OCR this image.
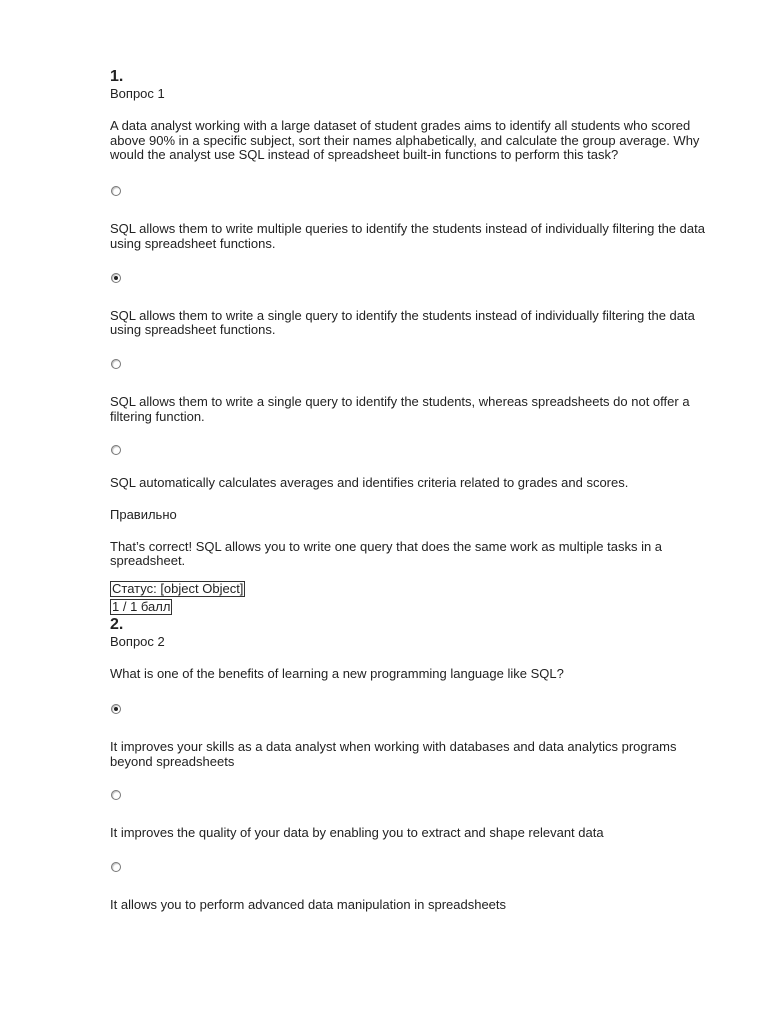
1.
Вопрос 1
A data analyst working with a large dataset of student grades aims to identify all students who scored above 90% in a specific subject, sort their names alphabetically, and calculate the group average. Why would the analyst use SQL instead of spreadsheet built-in functions to perform this task?
SQL allows them to write multiple queries to identify the students instead of individually filtering the data using spreadsheet functions.
SQL allows them to write a single query to identify the students instead of individually filtering the data using spreadsheet functions.
SQL allows them to write a single query to identify the students, whereas spreadsheets do not offer a filtering function.
SQL automatically calculates averages and identifies criteria related to grades and scores.
Правильно
That’s correct! SQL allows you to write one query that does the same work as multiple tasks in a spreadsheet.
Статус: [object Object]
1 / 1 балл
2.
Вопрос 2
What is one of the benefits of learning a new programming language like SQL?
It improves your skills as a data analyst when working with databases and data analytics programs beyond spreadsheets
It improves the quality of your data by enabling you to extract and shape relevant data
It allows you to perform advanced data manipulation in spreadsheets
